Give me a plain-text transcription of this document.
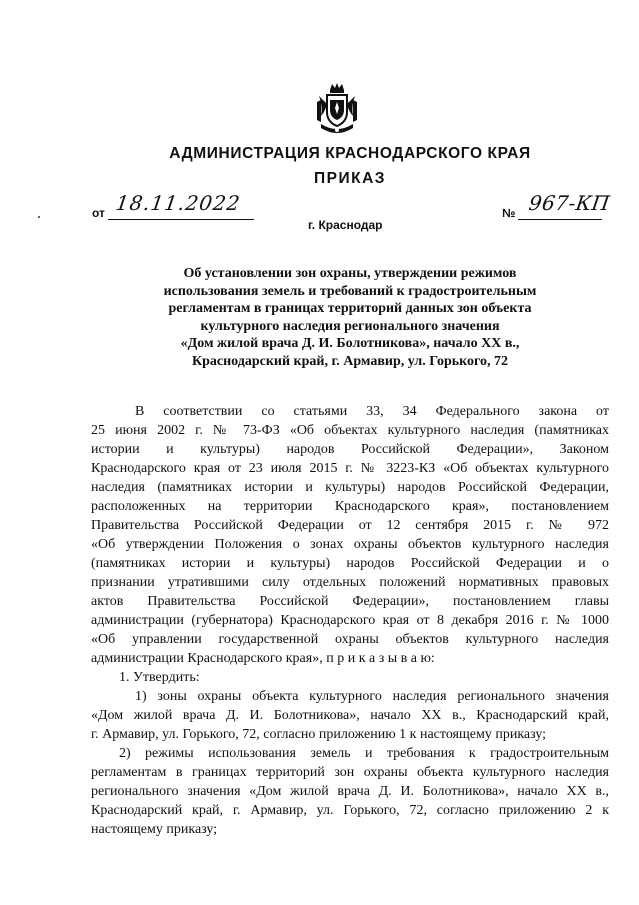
АДМИНИСТРАЦИЯ КРАСНОДАРСКОГО КРАЯ
ПРИКАЗ
от 18.11.2022
г. Краснодар
№ 967-КП
Об установлении зон охраны, утверждении режимов
использования земель и требований к градостроительным
регламентам в границах территорий данных зон объекта
культурного наследия регионального значения
«Дом жилой врача Д. И. Болотникова», начало XX в.,
Краснодарский край, г. Армавир, ул. Горького, 72
В соответствии со статьями 33, 34 Федерального закона от
25 июня 2002 г. № 73-ФЗ «Об объектах культурного наследия (памятниках
истории и культуры) народов Российской Федерации», Законом
Краснодарского края от 23 июля 2015 г. № 3223-КЗ «Об объектах культурного
наследия (памятниках истории и культуры) народов Российской Федерации,
расположенных на территории Краснодарского края», постановлением
Правительства Российской Федерации от 12 сентября 2015 г. № 972
«Об утверждении Положения о зонах охраны объектов культурного наследия
(памятниках истории и культуры) народов Российской Федерации и о
признании утратившими силу отдельных положений нормативных правовых
актов Правительства Российской Федерации», постановлением главы
администрации (губернатора) Краснодарского края от 8 декабря 2016 г. № 1000
«Об управлении государственной охраны объектов культурного наследия
администрации Краснодарского края», п р и к а з ы в а ю:
1. Утвердить:
1) зоны охраны объекта культурного наследия регионального значения
«Дом жилой врача Д. И. Болотникова», начало XX в., Краснодарский край,
г. Армавир, ул. Горького, 72, согласно приложению 1 к настоящему приказу;
2) режимы использования земель и требования к градостроительным
регламентам в границах территорий зон охраны объекта культурного наследия
регионального значения «Дом жилой врача Д. И. Болотникова», начало XX в.,
Краснодарский край, г. Армавир, ул. Горького, 72, согласно приложению 2 к
настоящему приказу;
